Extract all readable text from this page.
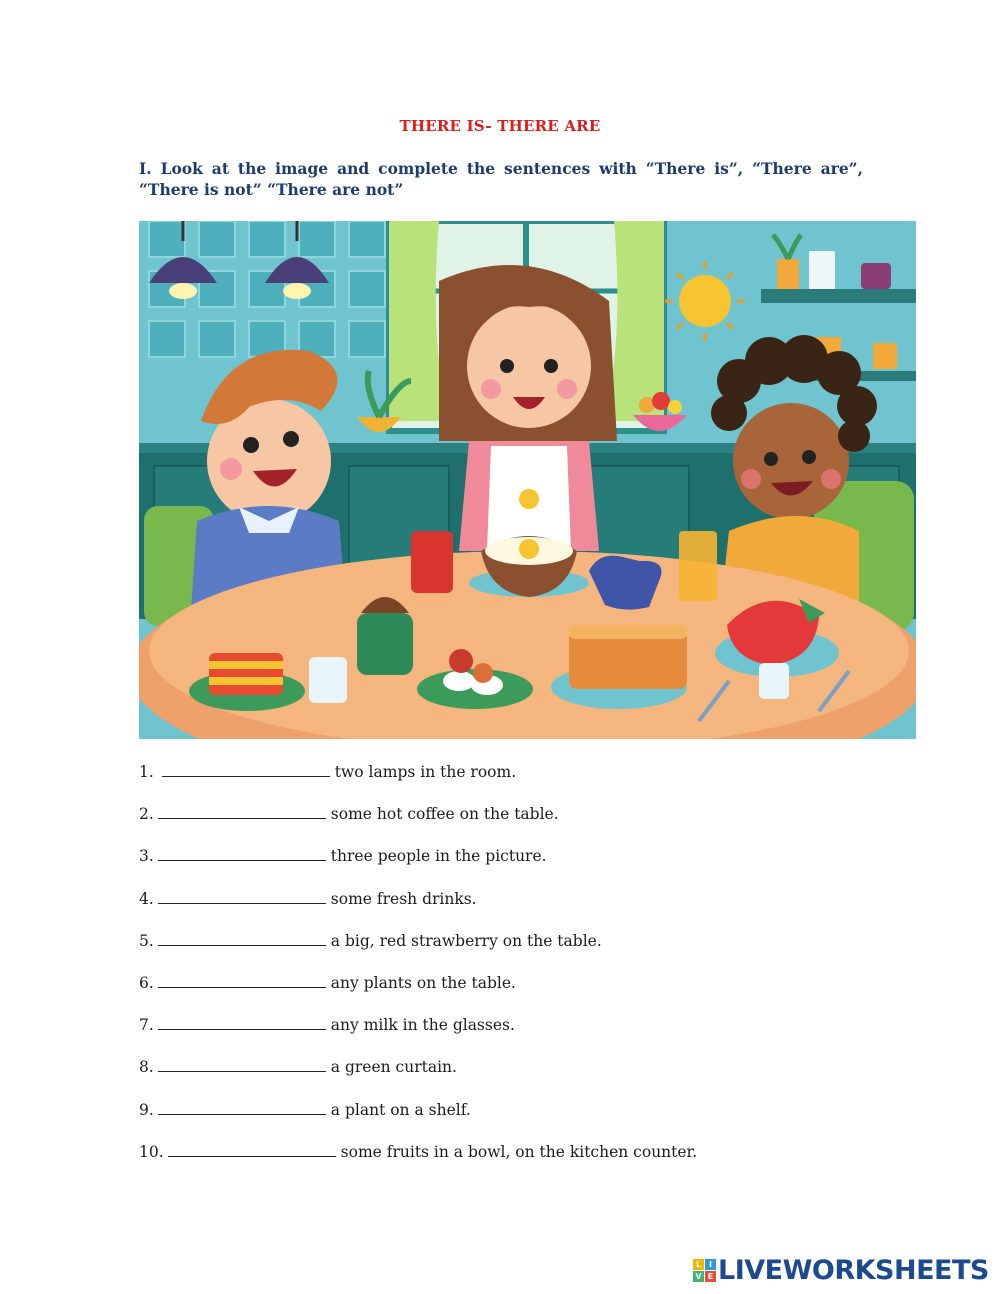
THERE IS- THERE ARE
I. Look at the image and complete the sentences with “There is”, “There are”, “There is not” “There are not”
1.	two lamps in the room.
2.	some hot coffee on the table.
3.	three people in the picture.
4.	some fresh drinks.
5.	a big, red strawberry on the table.
6.	any plants on the table.
7.	any milk in the glasses.
8.	a green curtain.
9.	a plant on a shelf.
10.	some fruits in a bowl, on the kitchen counter.
L I
V E LIVEWORKSHEETS
